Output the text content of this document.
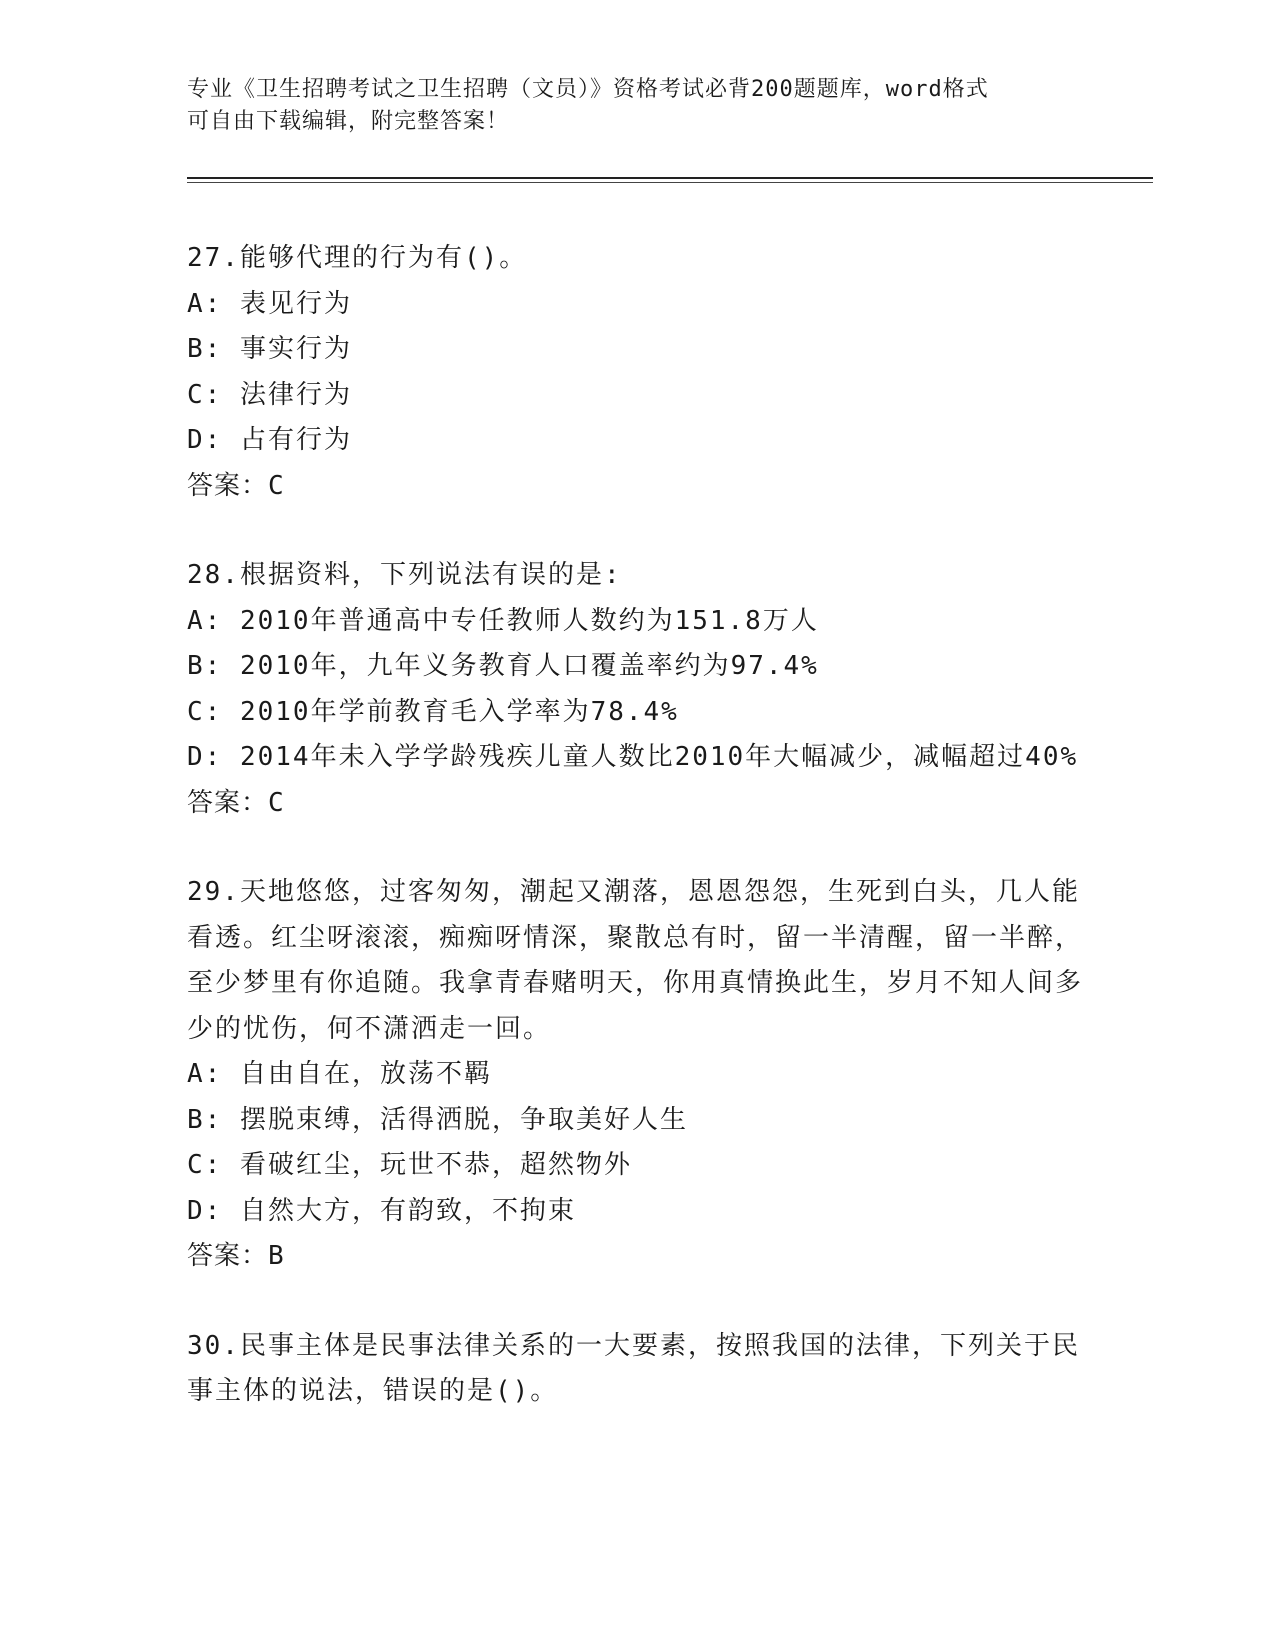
专业《卫生招聘考试之卫生招聘（文员）》资格考试必背200题题库，word格式
可自由下载编辑，附完整答案！

27.能够代理的行为有()。

A: 表见行为

B: 事实行为

C: 法律行为

D: 占有行为

答案：C

28.根据资料，下列说法有误的是:

A: 2010年普通高中专任教师人数约为151.8万人

B: 2010年，九年义务教育人口覆盖率约为97.4%

C: 2010年学前教育毛入学率为78.4%

D: 2014年未入学学龄残疾儿童人数比2010年大幅减少，减幅超过40%

答案：C

29.天地悠悠，过客匆匆，潮起又潮落，恩恩怨怨，生死到白头，几人能看透。红尘呀滚滚，痴痴呀情深，聚散总有时，留一半清醒，留一半醉，至少梦里有你追随。我拿青春赌明天，你用真情换此生，岁月不知人间多少的忧伤，何不潇洒走一回。

A: 自由自在，放荡不羁

B: 摆脱束缚，活得洒脱，争取美好人生

C: 看破红尘，玩世不恭，超然物外

D: 自然大方，有韵致，不拘束

答案：B

30.民事主体是民事法律关系的一大要素，按照我国的法律，下列关于民事主体的说法，错误的是()。
